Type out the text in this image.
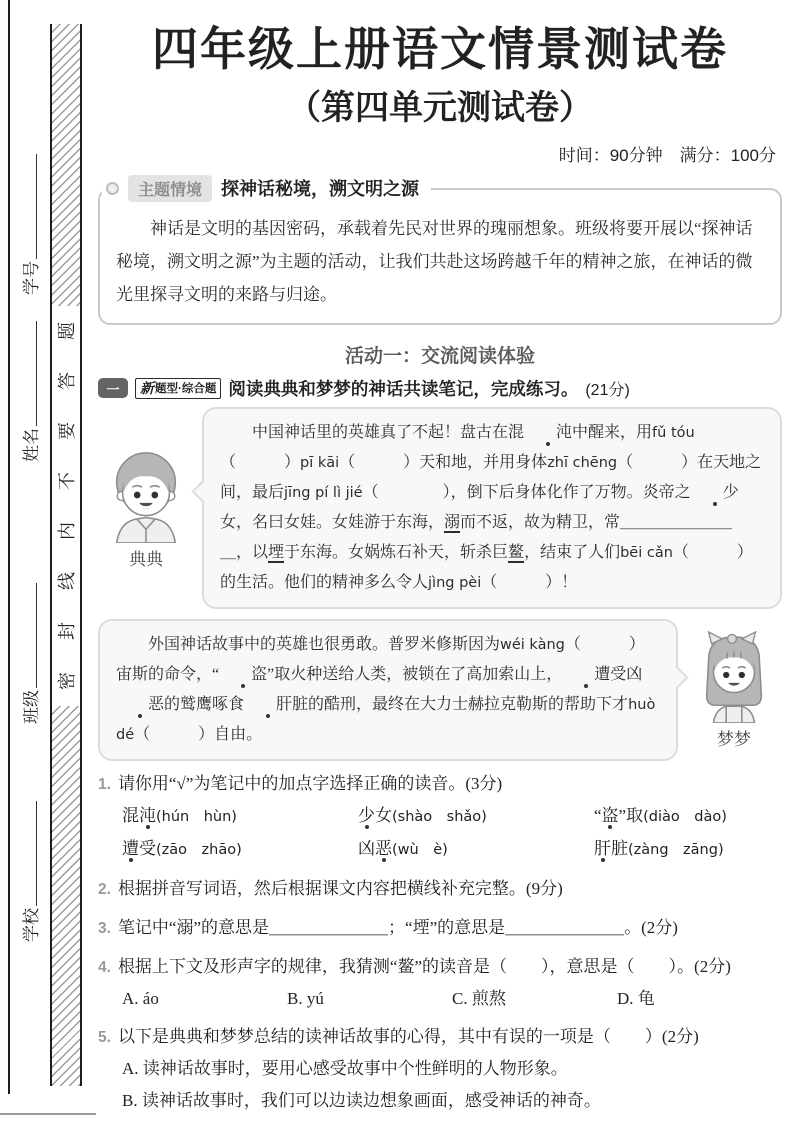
学号
姓名
班级
学校
题
答
要
不
内
线
封
密
四年级上册语文情景测试卷
（第四单元测试卷）
时间：90分钟　满分：100分
主题情境	探神话秘境，溯文明之源
神话是文明的基因密码，承载着先民对世界的瑰丽想象。班级将要开展以“探神话秘境，溯文明之源”为主题的活动，让我们共赴这场跨越千年的精神之旅，在神话的微光里探寻文明的来路与归途。
活动一：交流阅读体验
一	新 题型·综合题 阅读典典和梦梦的神话共读笔记，完成练习。 (21分)
典典
中国神话里的英雄真了不起！盘古在混 沌中醒来，用fǔ tóu（　　　）pī kāi（　　　）天和地，并用身体zhī chēng（　　　）在天地之间，最后jīng pí lì jié（　　　　），倒下后身体化作了万物。炎帝之 少女，名曰女娃。女娃游于东海，溺而不返，故为精卫，常＿＿＿＿＿＿＿＿，以堙于东海。女娲炼石补天，斩杀巨鳌，结束了人们bēi cǎn（　　　）的生活。他们的精神多么令人jìng pèi（　　　）！
外国神话故事中的英雄也很勇敢。普罗米修斯因为wéi kàng（　　　）宙斯的命令，“ 盗”取火种送给人类，被锁在了高加索山上， 遭受凶恶的鹫鹰啄食 肝脏的酷刑，最终在大力士赫拉克勒斯的帮助下才huò dé（　　　）自由。	梦梦
1. 请你用“√”为笔记中的加点字选择正确的读音。(3分)
混沌(hún　hùn)	少女(shào　shǎo)	“盗”取(diào　dào)
遭受(zāo　zhāo)	凶恶(wù　è)	肝脏(zàng　zāng)
2. 根据拼音写词语，然后根据课文内容把横线补充完整。(9分)
3. 笔记中“溺”的意思是＿＿＿＿＿＿＿；“堙”的意思是＿＿＿＿＿＿＿。(2分)
4. 根据上下文及形声字的规律，我猜测“鳌”的读音是（　　），意思是（　　）。(2分)
A. áo	B. yú	C. 煎熬	D. 龟
5. 以下是典典和梦梦总结的读神话故事的心得，其中有误的一项是（　　）(2分)
A. 读神话故事时，要用心感受故事中个性鲜明的人物形象。
B. 读神话故事时，我们可以边读边想象画面，感受神话的神奇。
